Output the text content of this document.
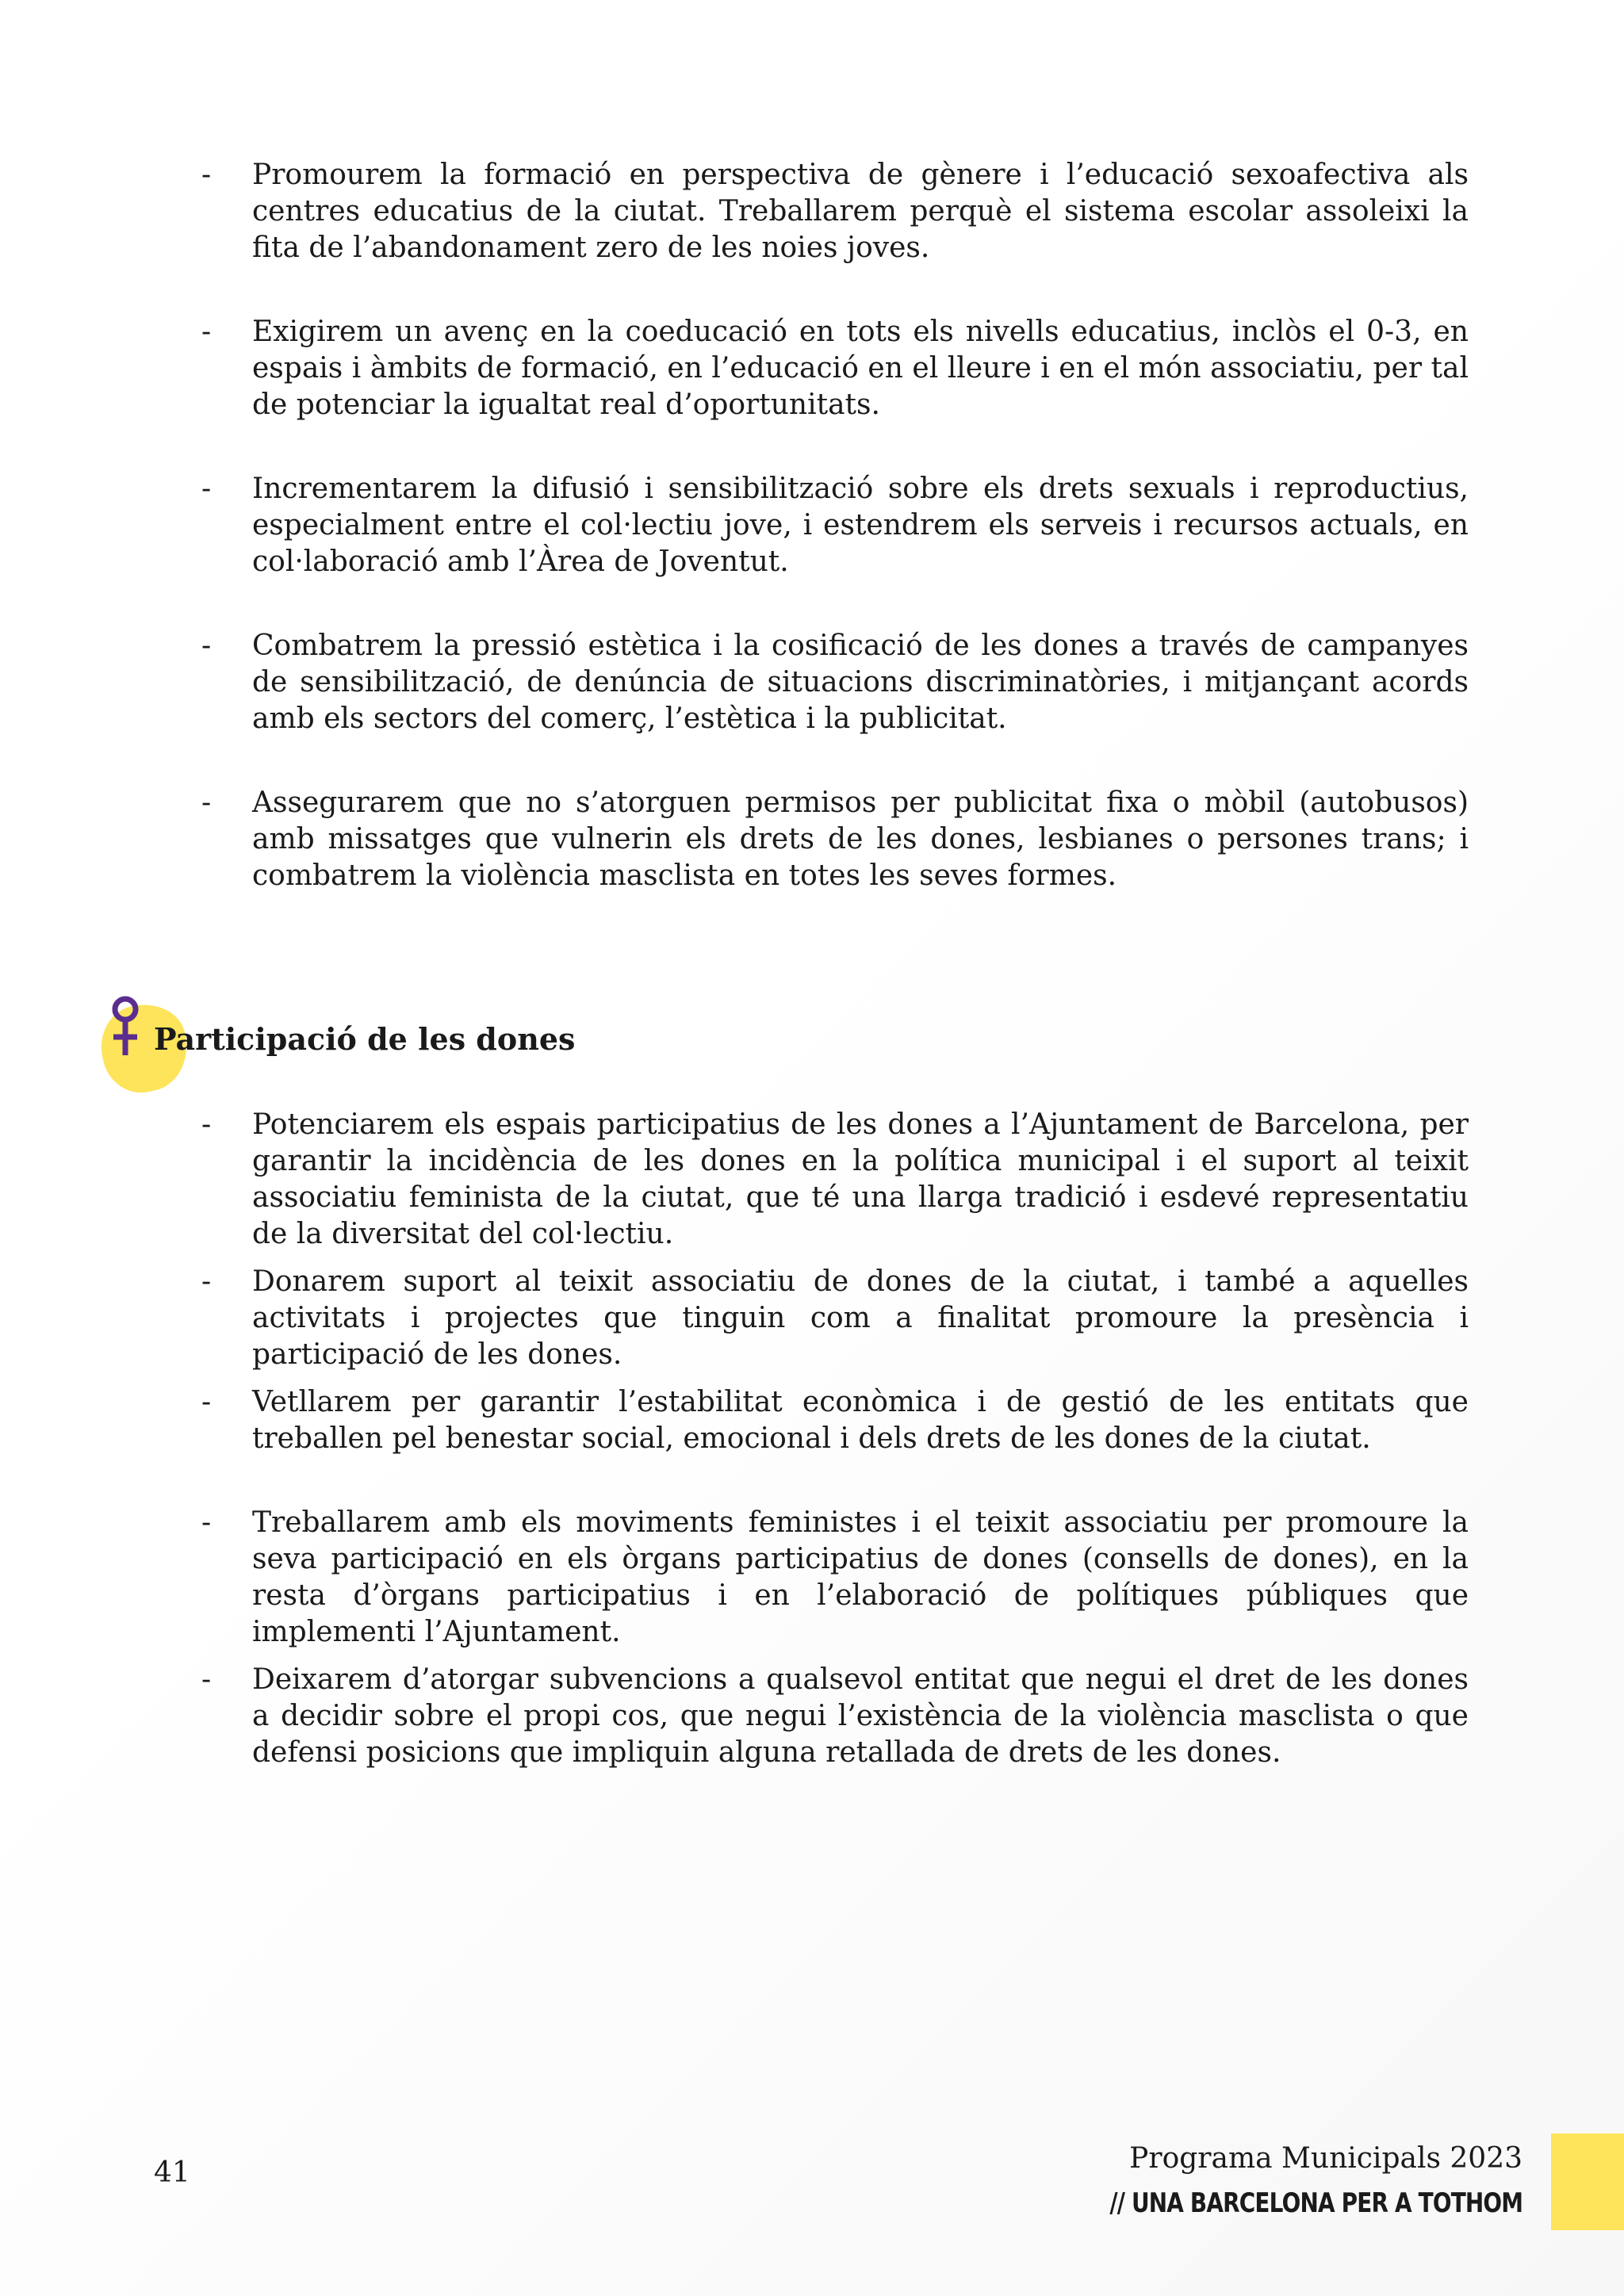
-	Promourem la formació en perspectiva de gènere i l’educació sexoafectiva als centres educatius de la ciutat. Treballarem perquè el sistema escolar assoleixi la fita de l’abandonament zero de les noies joves.
-	Exigirem un avenç en la coeducació en tots els nivells educatius, inclòs el 0-3, en espais i àmbits de formació, en l’educació en el lleure i en el món associatiu, per tal de potenciar la igualtat real d’oportunitats.
-	Incrementarem la difusió i sensibilització sobre els drets sexuals i reproductius, especialment entre el col·lectiu jove, i estendrem els serveis i recursos actuals, en col·laboració amb l’Àrea de Joventut.
-	Combatrem la pressió estètica i la cosificació de les dones a través de campanyes de sensibilització, de denúncia de situacions discriminatòries, i mitjançant acords amb els sectors del comerç, l’estètica i la publicitat.
-	Assegurarem que no s’atorguen permisos per publicitat fixa o mòbil (autobusos) amb missatges que vulnerin els drets de les dones, lesbianes o persones trans; i combatrem la violència masclista en totes les seves formes.
Participació de les dones
-	Potenciarem els espais participatius de les dones a l’Ajuntament de Barcelona, per garantir la incidència de les dones en la política municipal i el suport al teixit associatiu feminista de la ciutat, que té una llarga tradició i esdevé representatiu de la diversitat del col·lectiu.
-	Donarem suport al teixit associatiu de dones de la ciutat, i també a aquelles activitats i projectes que tinguin com a finalitat promoure la presència i participació de les dones.
-	Vetllarem per garantir l’estabilitat econòmica i de gestió de les entitats que treballen pel benestar social, emocional i dels drets de les dones de la ciutat.
-	Treballarem amb els moviments feministes i el teixit associatiu per promoure la seva participació en els òrgans participatius de dones (consells de dones), en la resta d’òrgans participatius i en l’elaboració de polítiques públiques que implementi l’Ajuntament.
-	Deixarem d’atorgar subvencions a qualsevol entitat que negui el dret de les dones a decidir sobre el propi cos, que negui l’existència de la violència masclista o que defensi posicions que impliquin alguna retallada de drets de les dones.
41	Programa Municipals 2023
// UNA BARCELONA PER A TOTHOM
